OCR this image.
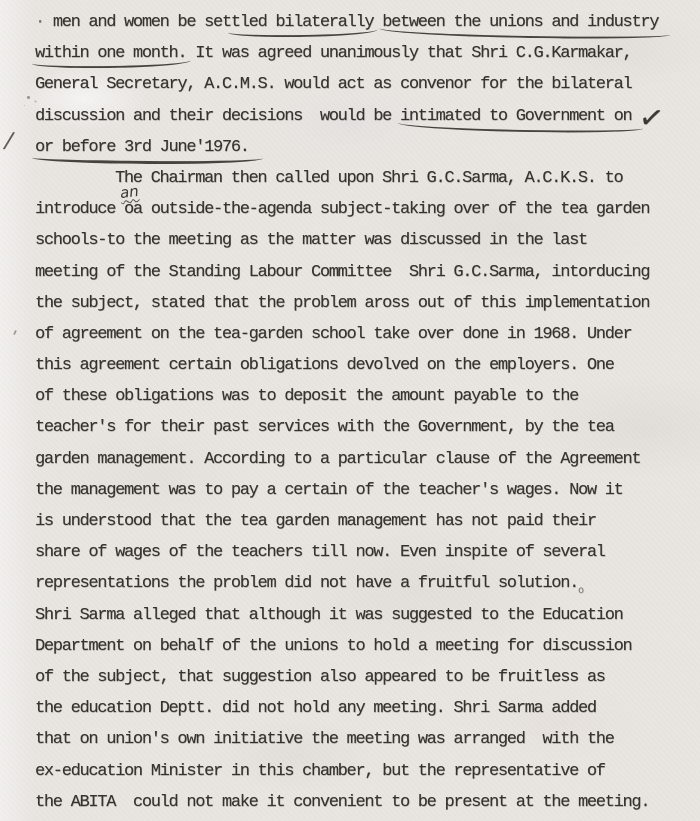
/
· men and women be settled bilaterally between the unions and industry
within one month. It was agreed unanimously that Shri C.G.Karmakar,
General Secretary, A.C.M.S. would act as convenor for the bilateral
discussion and their decisions  would be intimated to Government on ✓
or before 3rd June'1976.
The Chairman then called upon Shri G.C.Sarma, A.C.K.S. to
introduce oa
an
outside-the-agenda subject-taking over of the tea garden
schools-to the meeting as the matter was discussed in the last
meeting of the Standing Labour Committee  Shri G.C.Sarma, intorducing
the subject, stated that the problem aross out of this implementation
of agreement on the tea-garden school take over done in 1968. Under
this agreement certain obligations devolved on the employers. One
of these obligations was to deposit the amount payable to the
teacher's for their past services with the Government, by the tea
garden management. According to a particular clause of the Agreement
the management was to pay a certain of the teacher's wages. Now it
is understood that the tea garden management has not paid their
share of wages of the teachers till now. Even inspite of several
representations the problem did not have a fruitful $solution._o$
Shri Sarma alleged that although it was suggested to the Education
Department on behalf of the unions to hold a meeting for discussion
of the subject, that suggestion also appeared to be fruitless as
the education Deptt. did not hold any meeting. Shri Sarma added
that on union's own initiative the meeting was arranged  with the
ex-education Minister in this chamber, but the representative of
the ABITA  could not make it convenient to be present at the meeting.
